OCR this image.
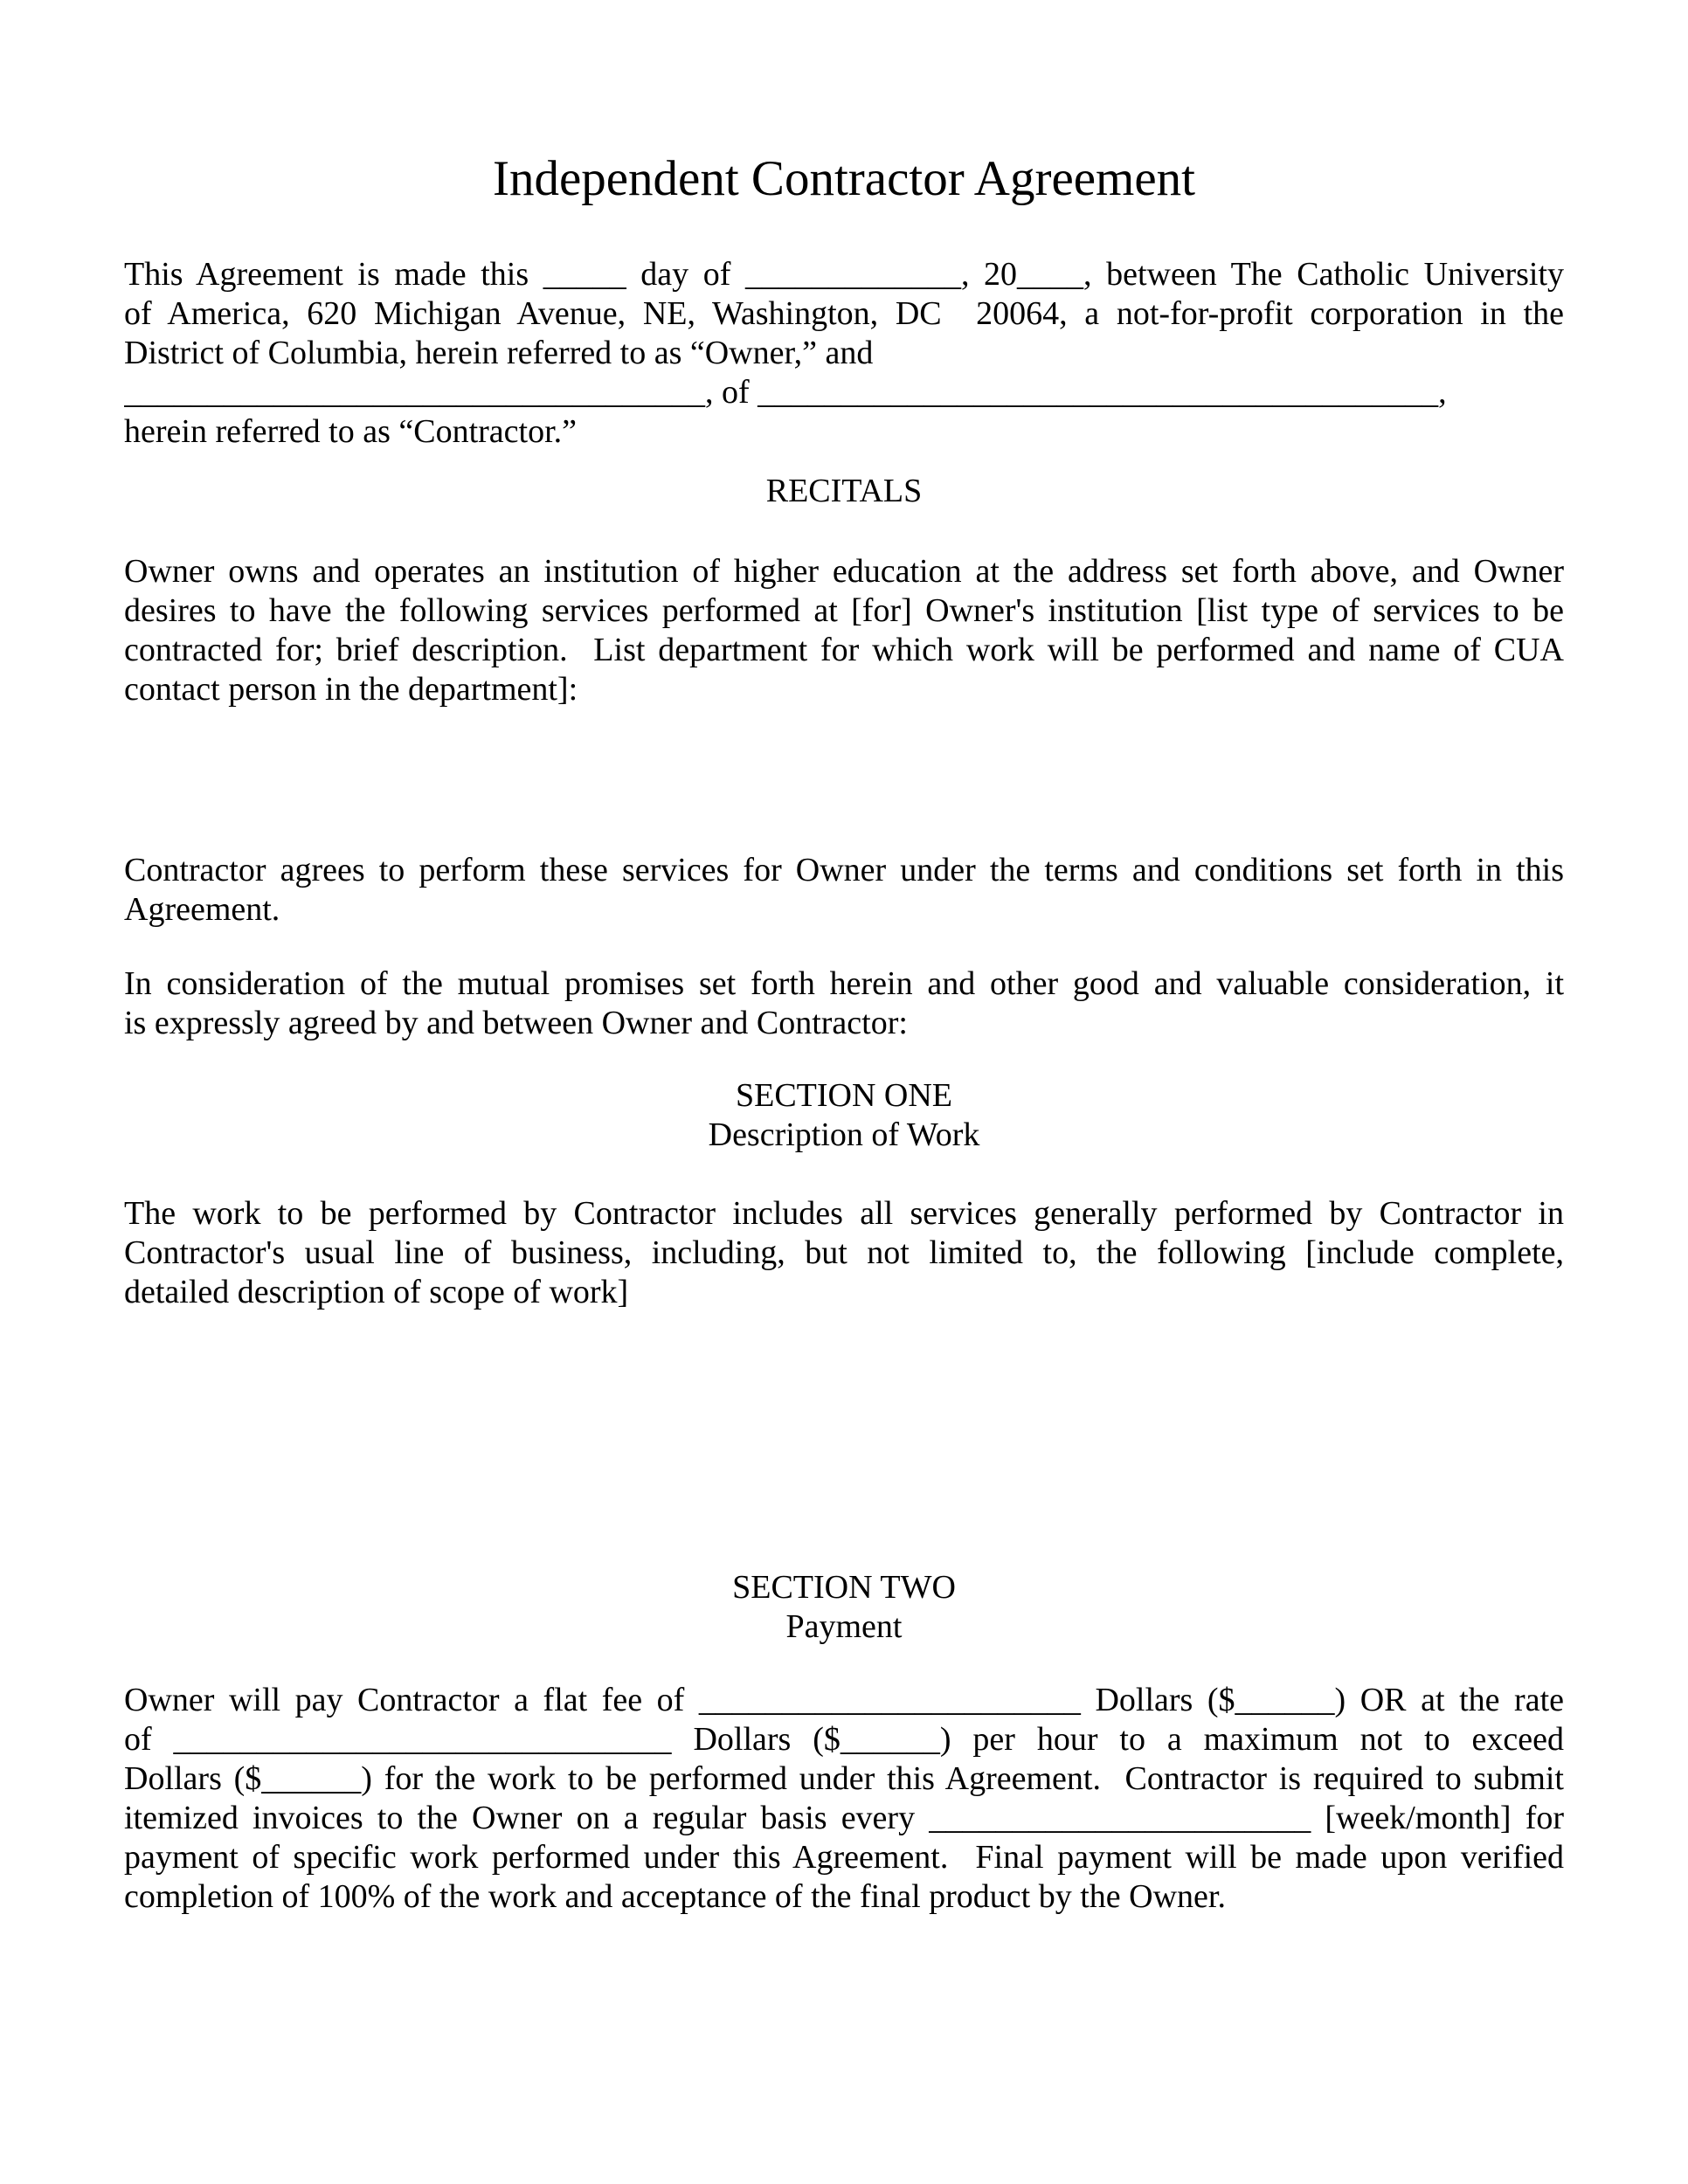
Independent Contractor Agreement
This Agreement is made this _____ day of _____________, 20____, between The Catholic University
of America, 620 Michigan Avenue, NE, Washington, DC  20064, a not-for-profit corporation in the
District of Columbia, herein referred to as “Owner,” and
___________________________________, of _________________________________________,
herein referred to as “Contractor.”
RECITALS
Owner owns and operates an institution of higher education at the address set forth above, and Owner
desires to have the following services performed at [for] Owner's institution [list type of services to be
contracted for; brief description.  List department for which work will be performed and name of CUA
contact person in the department]:
Contractor agrees to perform these services for Owner under the terms and conditions set forth in this
Agreement.
In consideration of the mutual promises set forth herein and other good and valuable consideration, it
is expressly agreed by and between Owner and Contractor:
SECTION ONE
Description of Work
The work to be performed by Contractor includes all services generally performed by Contractor in
Contractor's usual line of business, including, but not limited to, the following [include complete,
detailed description of scope of work]
SECTION TWO
Payment
Owner will pay Contractor a flat fee of _______________________ Dollars ($______) OR at the rate
of ______________________________ Dollars ($______) per hour to a maximum not to exceed
Dollars ($______) for the work to be performed under this Agreement.  Contractor is required to submit
itemized invoices to the Owner on a regular basis every _______________________ [week/month] for
payment of specific work performed under this Agreement.  Final payment will be made upon verified
completion of 100% of the work and acceptance of the final product by the Owner.
